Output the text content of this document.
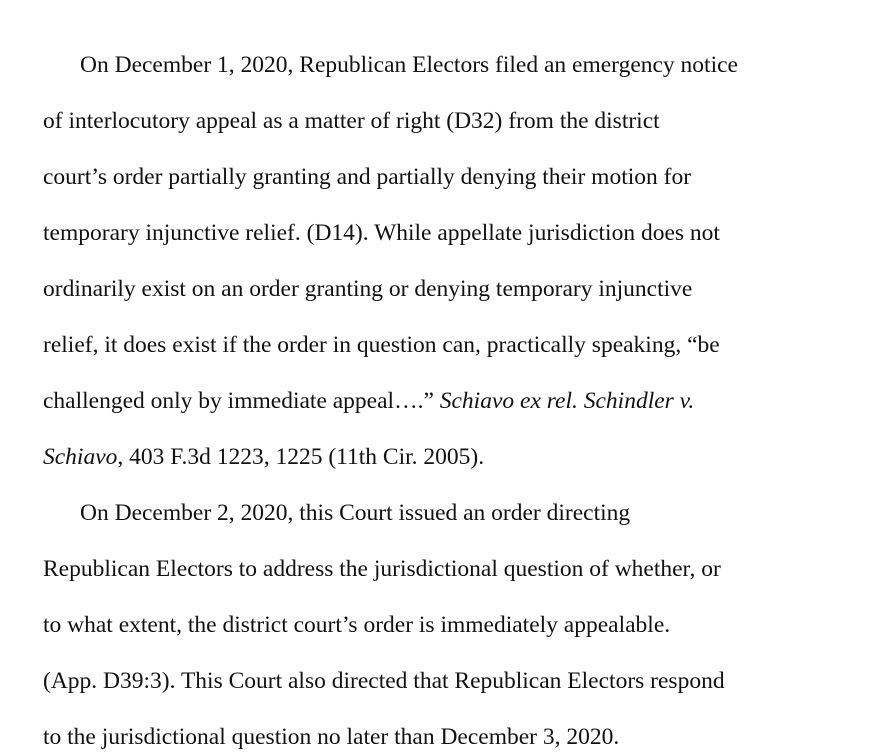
On December 1, 2020, Republican Electors filed an emergency notice
of interlocutory appeal as a matter of right (D32) from the district
court’s order partially granting and partially denying their motion for
temporary injunctive relief. (D14). While appellate jurisdiction does not
ordinarily exist on an order granting or denying temporary injunctive
relief, it does exist if the order in question can, practically speaking, “be
challenged only by immediate appeal….” Schiavo ex rel. Schindler v.
Schiavo, 403 F.3d 1223, 1225 (11th Cir. 2005).
On December 2, 2020, this Court issued an order directing
Republican Electors to address the jurisdictional question of whether, or
to what extent, the district court’s order is immediately appealable.
(App. D39:3). This Court also directed that Republican Electors respond
to the jurisdictional question no later than December 3, 2020.
